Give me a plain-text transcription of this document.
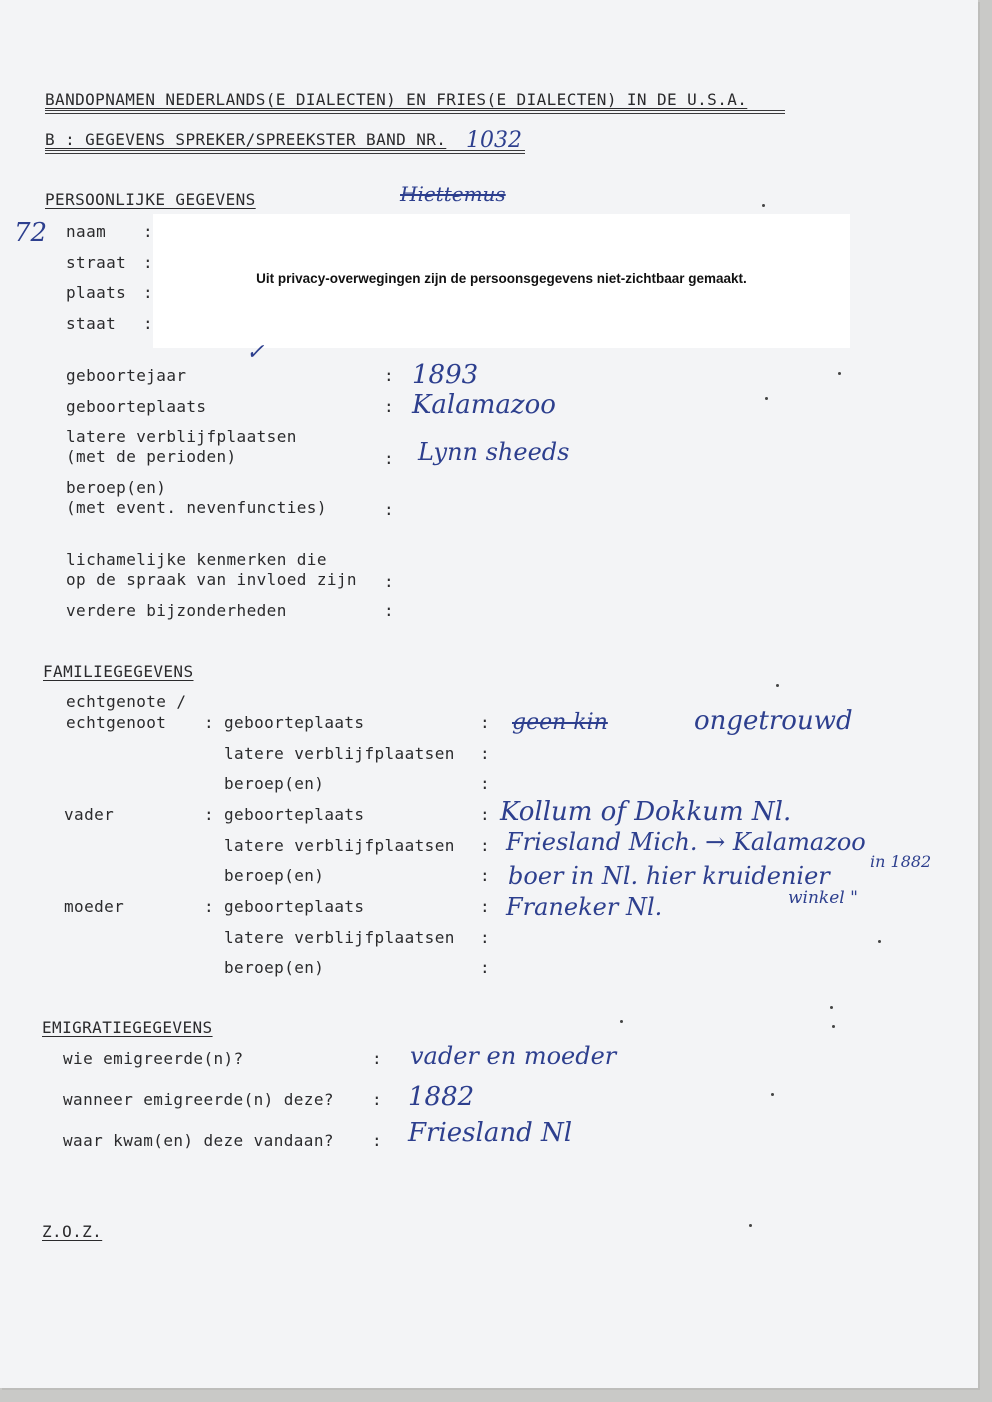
BANDOPNAMEN NEDERLANDS(E DIALECTEN) EN FRIES(E DIALECTEN) IN DE U.S.A.
B : GEGEVENS SPREKER/SPREEKSTER BAND NR. 1032
PERSOONLIJKE GEGEVENS	Hiettemus
72 naam :
straat :
plaats :
staat :
Uit privacy-overwegingen zijn de persoonsgegevens niet-zichtbaar gemaakt.
✓
geboortejaar	: 1893
geboorteplaats	: Kalamazoo
latere verblijfplaatsen
(met de perioden)	: Lynn sheeds
beroep(en)
(met event. nevenfuncties)	:
lichamelijke kenmerken die
op de spraak van invloed zijn :
verdere bijzonderheden	:
FAMILIEGEGEVENS
echtgenote /
echtgenoot : geboorteplaats	: geen kin	ongetrouwd
latere verblijfplaatsen :
beroep(en)	:
vader	: geboorteplaats	: Kollum of Dokkum Nl.
latere verblijfplaatsen : Friesland Mich. → Kalamazoo
in 1882
beroep(en)	: boer in Nl. hier kruidenier
winkel "
moeder	: geboorteplaats	: Franeker Nl.
latere verblijfplaatsen :
beroep(en)	:
EMIGRATIEGEGEVENS
wie emigreerde(n)?	: vader en moeder
wanneer emigreerde(n) deze? : 1882
waar kwam(en) deze vandaan? : Friesland Nl
Z.O.Z.
